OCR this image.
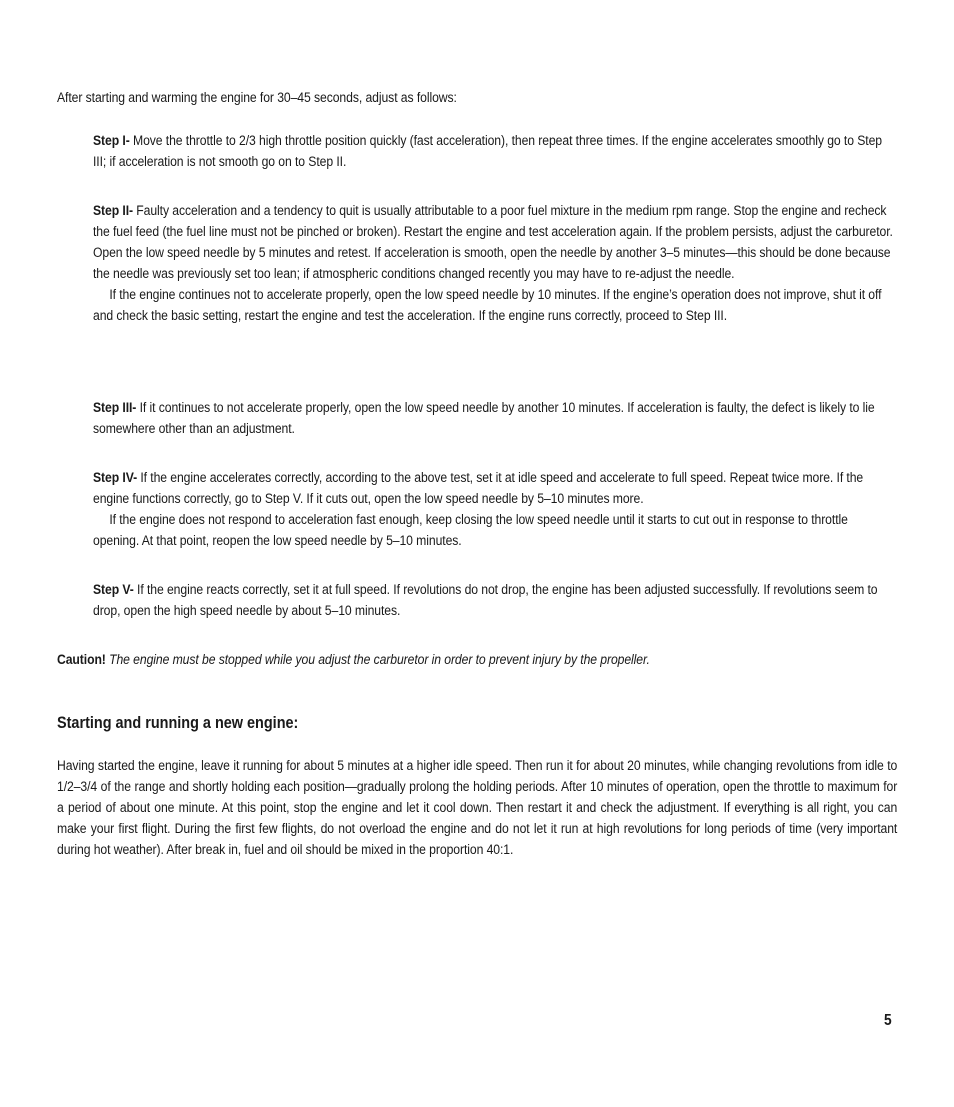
After starting and warming the engine for 30–45 seconds, adjust as follows:

Step I- Move the throttle to 2/3 high throttle position quickly (fast acceleration), then repeat three times. If the engine accelerates smoothly go to Step III; if acceleration is not smooth go on to Step II.

Step II- Faulty acceleration and a tendency to quit is usually attributable to a poor fuel mixture in the medium rpm range. Stop the engine and recheck the fuel feed (the fuel line must not be pinched or broken). Restart the engine and test acceleration again. If the problem persists, adjust the carburetor. Open the low speed needle by 5 minutes and retest. If acceleration is smooth, open the needle by another 3–5 minutes—this should be done because the needle was previously set too lean; if atmospheric conditions changed recently you may have to re-adjust the needle.

If the engine continues not to accelerate properly, open the low speed needle by 10 minutes. If the engine’s operation does not improve, shut it off and check the basic setting, restart the engine and test the acceleration. If the engine runs correctly, proceed to Step III.

Step III- If it continues to not accelerate properly, open the low speed needle by another 10 minutes. If acceleration is faulty, the defect is likely to lie somewhere other than an adjustment.

Step IV- If the engine accelerates correctly, according to the above test, set it at idle speed and accelerate to full speed. Repeat twice more. If the engine functions correctly, go to Step V. If it cuts out, open the low speed needle by 5–10 minutes more.

If the engine does not respond to acceleration fast enough, keep closing the low speed needle until it starts to cut out in response to throttle opening. At that point, reopen the low speed needle by 5–10 minutes.

Step V- If the engine reacts correctly, set it at full speed. If revolutions do not drop, the engine has been adjusted successfully. If revolutions seem to drop, open the high speed needle by about 5–10 minutes.

Caution! The engine must be stopped while you adjust the carburetor in order to prevent injury by the propeller.

Starting and running a new engine:

Having started the engine, leave it running for about 5 minutes at a higher idle speed. Then run it for about 20 minutes, while changing revolutions from idle to 1/2–3/4 of the range and shortly holding each position—gradually prolong the holding periods. After 10 minutes of operation, open the throttle to maximum for a period of about one minute. At this point, stop the engine and let it cool down. Then restart it and check the adjustment. If everything is all right, you can make your first flight. During the first few flights, do not overload the engine and do not let it run at high revolutions for long periods of time (very important during hot weather). After break in, fuel and oil should be mixed in the proportion 40:1.

5
